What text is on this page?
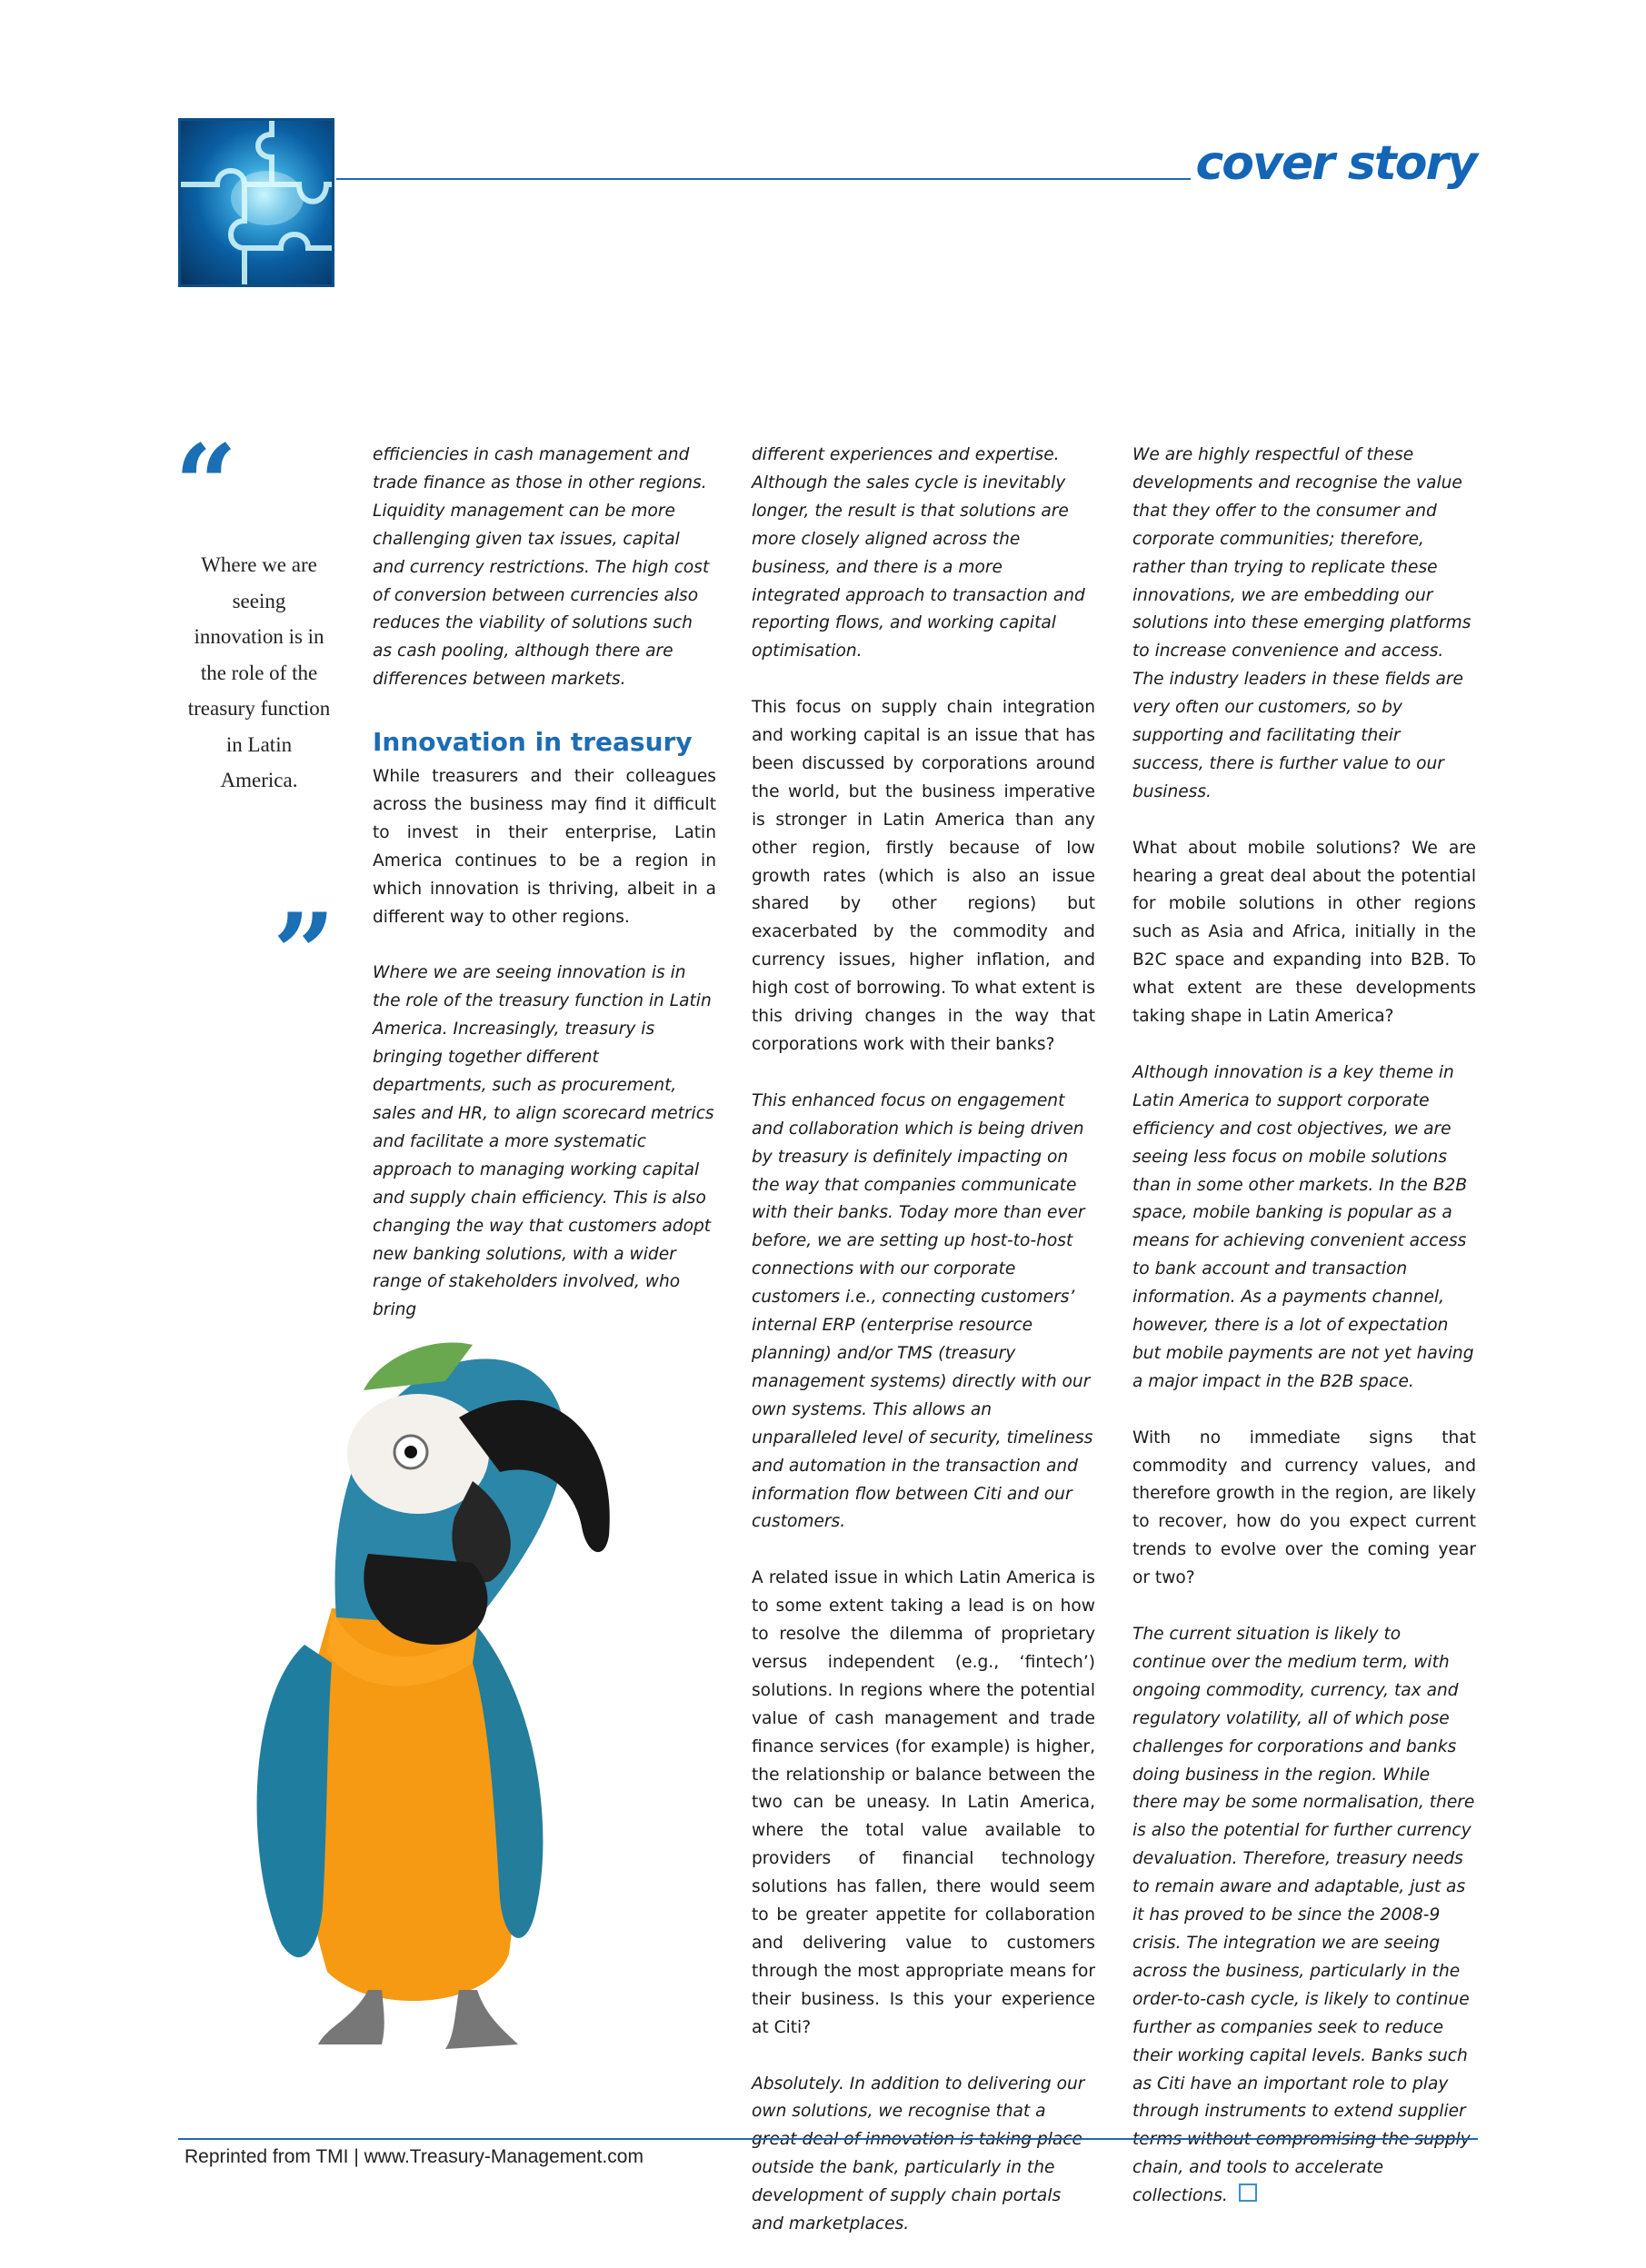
cover story
“

Where we are seeing innovation is in the role of the treasury function in Latin America.

”

efficiencies in cash management and trade finance as those in other regions. Liquidity management can be more challenging given tax issues, capital and currency restrictions. The high cost of conversion between currencies also reduces the viability of solutions such as cash pooling, although there are differences between markets.

Innovation in treasury

While treasurers and their colleagues across the business may find it difficult to invest in their enterprise, Latin America continues to be a region in which innovation is thriving, albeit in a different way to other regions.

Where we are seeing innovation is in the role of the treasury function in Latin America. Increasingly, treasury is bringing together different departments, such as procurement, sales and HR, to align scorecard metrics and facilitate a more systematic approach to managing working capital and supply chain efficiency. This is also changing the way that customers adopt new banking solutions, with a wider range of stakeholders involved, who bring

different experiences and expertise. Although the sales cycle is inevitably longer, the result is that solutions are more closely aligned across the business, and there is a more integrated approach to transaction and reporting flows, and working capital optimisation.

This focus on supply chain integration and working capital is an issue that has been discussed by corporations around the world, but the business imperative is stronger in Latin America than any other region, firstly because of low growth rates (which is also an issue shared by other regions) but exacerbated by the commodity and currency issues, higher inflation, and high cost of borrowing. To what extent is this driving changes in the way that corporations work with their banks?

This enhanced focus on engagement and collaboration which is being driven by treasury is definitely impacting on the way that companies communicate with their banks. Today more than ever before, we are setting up host-to-host connections with our corporate customers i.e., connecting customers’ internal ERP (enterprise resource planning) and/or TMS (treasury management systems) directly with our own systems. This allows an unparalleled level of security, timeliness and automation in the transaction and information flow between Citi and our customers.

A related issue in which Latin America is to some extent taking a lead is on how to resolve the dilemma of proprietary versus independent (e.g., ‘fintech’) solutions. In regions where the potential value of cash management and trade finance services (for example) is higher, the relationship or balance between the two can be uneasy. In Latin America, where the total value available to providers of financial technology solutions has fallen, there would seem to be greater appetite for collaboration and delivering value to customers through the most appropriate means for their business. Is this your experience at Citi?

Absolutely. In addition to delivering our own solutions, we recognise that a outside the bank, particularly in the development of supply chain portals and marketplaces.

We are highly respectful of these developments and recognise the value that they offer to the consumer and corporate communities; therefore, rather than trying to replicate these innovations, we are embedding our solutions into these emerging platforms to increase convenience and access. The industry leaders in these fields are very often our customers, so by supporting and facilitating their success, there is further value to our business.

What about mobile solutions? We are hearing a great deal about the potential for mobile solutions in other regions such as Asia and Africa, initially in the B2C space and expanding into B2B. To what extent are these developments taking shape in Latin America?

Although innovation is a key theme in Latin America to support corporate efficiency and cost objectives, we are seeing less focus on mobile solutions than in some other markets. In the B2B space, mobile banking is popular as a means for achieving convenient access to bank account and transaction information. As a payments channel, however, there is a lot of expectation but mobile payments are not yet having a major impact in the B2B space.

With no immediate signs that commodity and currency values, and therefore growth in the region, are likely to recover, how do you expect current trends to evolve over the coming year or two?

The current situation is likely to continue over the medium term, with ongoing commodity, currency, tax and regulatory volatility, all of which pose challenges for corporations and banks doing business in the region. While there may be some normalisation, there is also the potential for further currency devaluation. Therefore, treasury needs to remain aware and adaptable, just as it has proved to be since the 2008-9 crisis. The integration we are seeing across the business, particularly in the order-to-cash cycle, is likely to continue further as companies seek to reduce their working capital levels. Banks such as Citi have an important role to play through instruments to extend supplier chain, and tools to accelerate collections.

Reprinted from TMI | www.Treasury-Management.com
